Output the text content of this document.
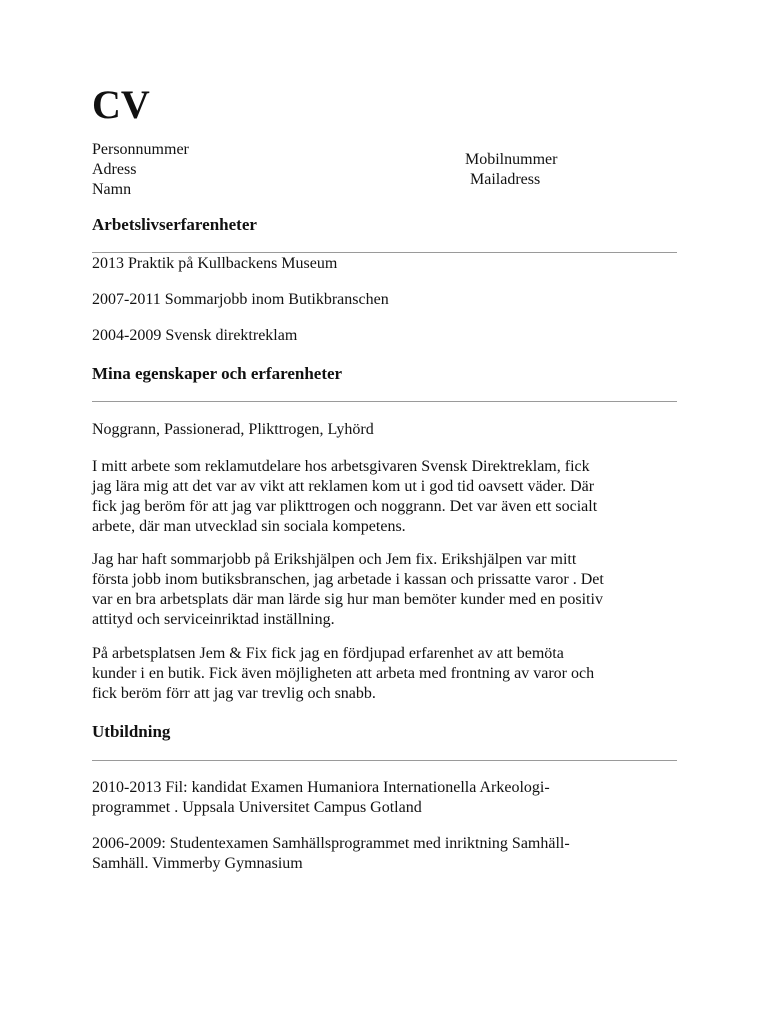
CV
Personnummer
Adress
Namn
Mobilnummer
Mailadress
Arbetslivserfarenheter
2013 Praktik på Kullbackens Museum
2007-2011 Sommarjobb inom Butikbranschen
2004-2009 Svensk direktreklam
Mina egenskaper och erfarenheter
Noggrann, Passionerad, Plikttrogen, Lyhörd
I mitt arbete som reklamutdelare hos arbetsgivaren Svensk Direktreklam, fick
jag lära mig att det var av vikt att reklamen kom ut i god tid oavsett väder. Där
fick jag beröm för att jag var plikttrogen och noggrann. Det var även ett socialt
arbete, där man utvecklad sin sociala kompetens.
Jag har haft sommarjobb på Erikshjälpen och Jem fix. Erikshjälpen var mitt
första jobb inom butiksbranschen, jag arbetade i kassan och prissatte varor . Det
var en bra arbetsplats där man lärde sig hur man bemöter kunder med en positiv
attityd och serviceinriktad inställning.
På arbetsplatsen Jem & Fix fick jag en fördjupad erfarenhet av att bemöta
kunder i en butik. Fick även möjligheten att arbeta med frontning av varor och
fick beröm förr att jag var trevlig och snabb.
Utbildning
2010-2013 Fil: kandidat Examen Humaniora Internationella Arkeologi-
programmet . Uppsala Universitet Campus Gotland
2006-2009: Studentexamen Samhällsprogrammet med inriktning Samhäll-
Samhäll. Vimmerby Gymnasium
